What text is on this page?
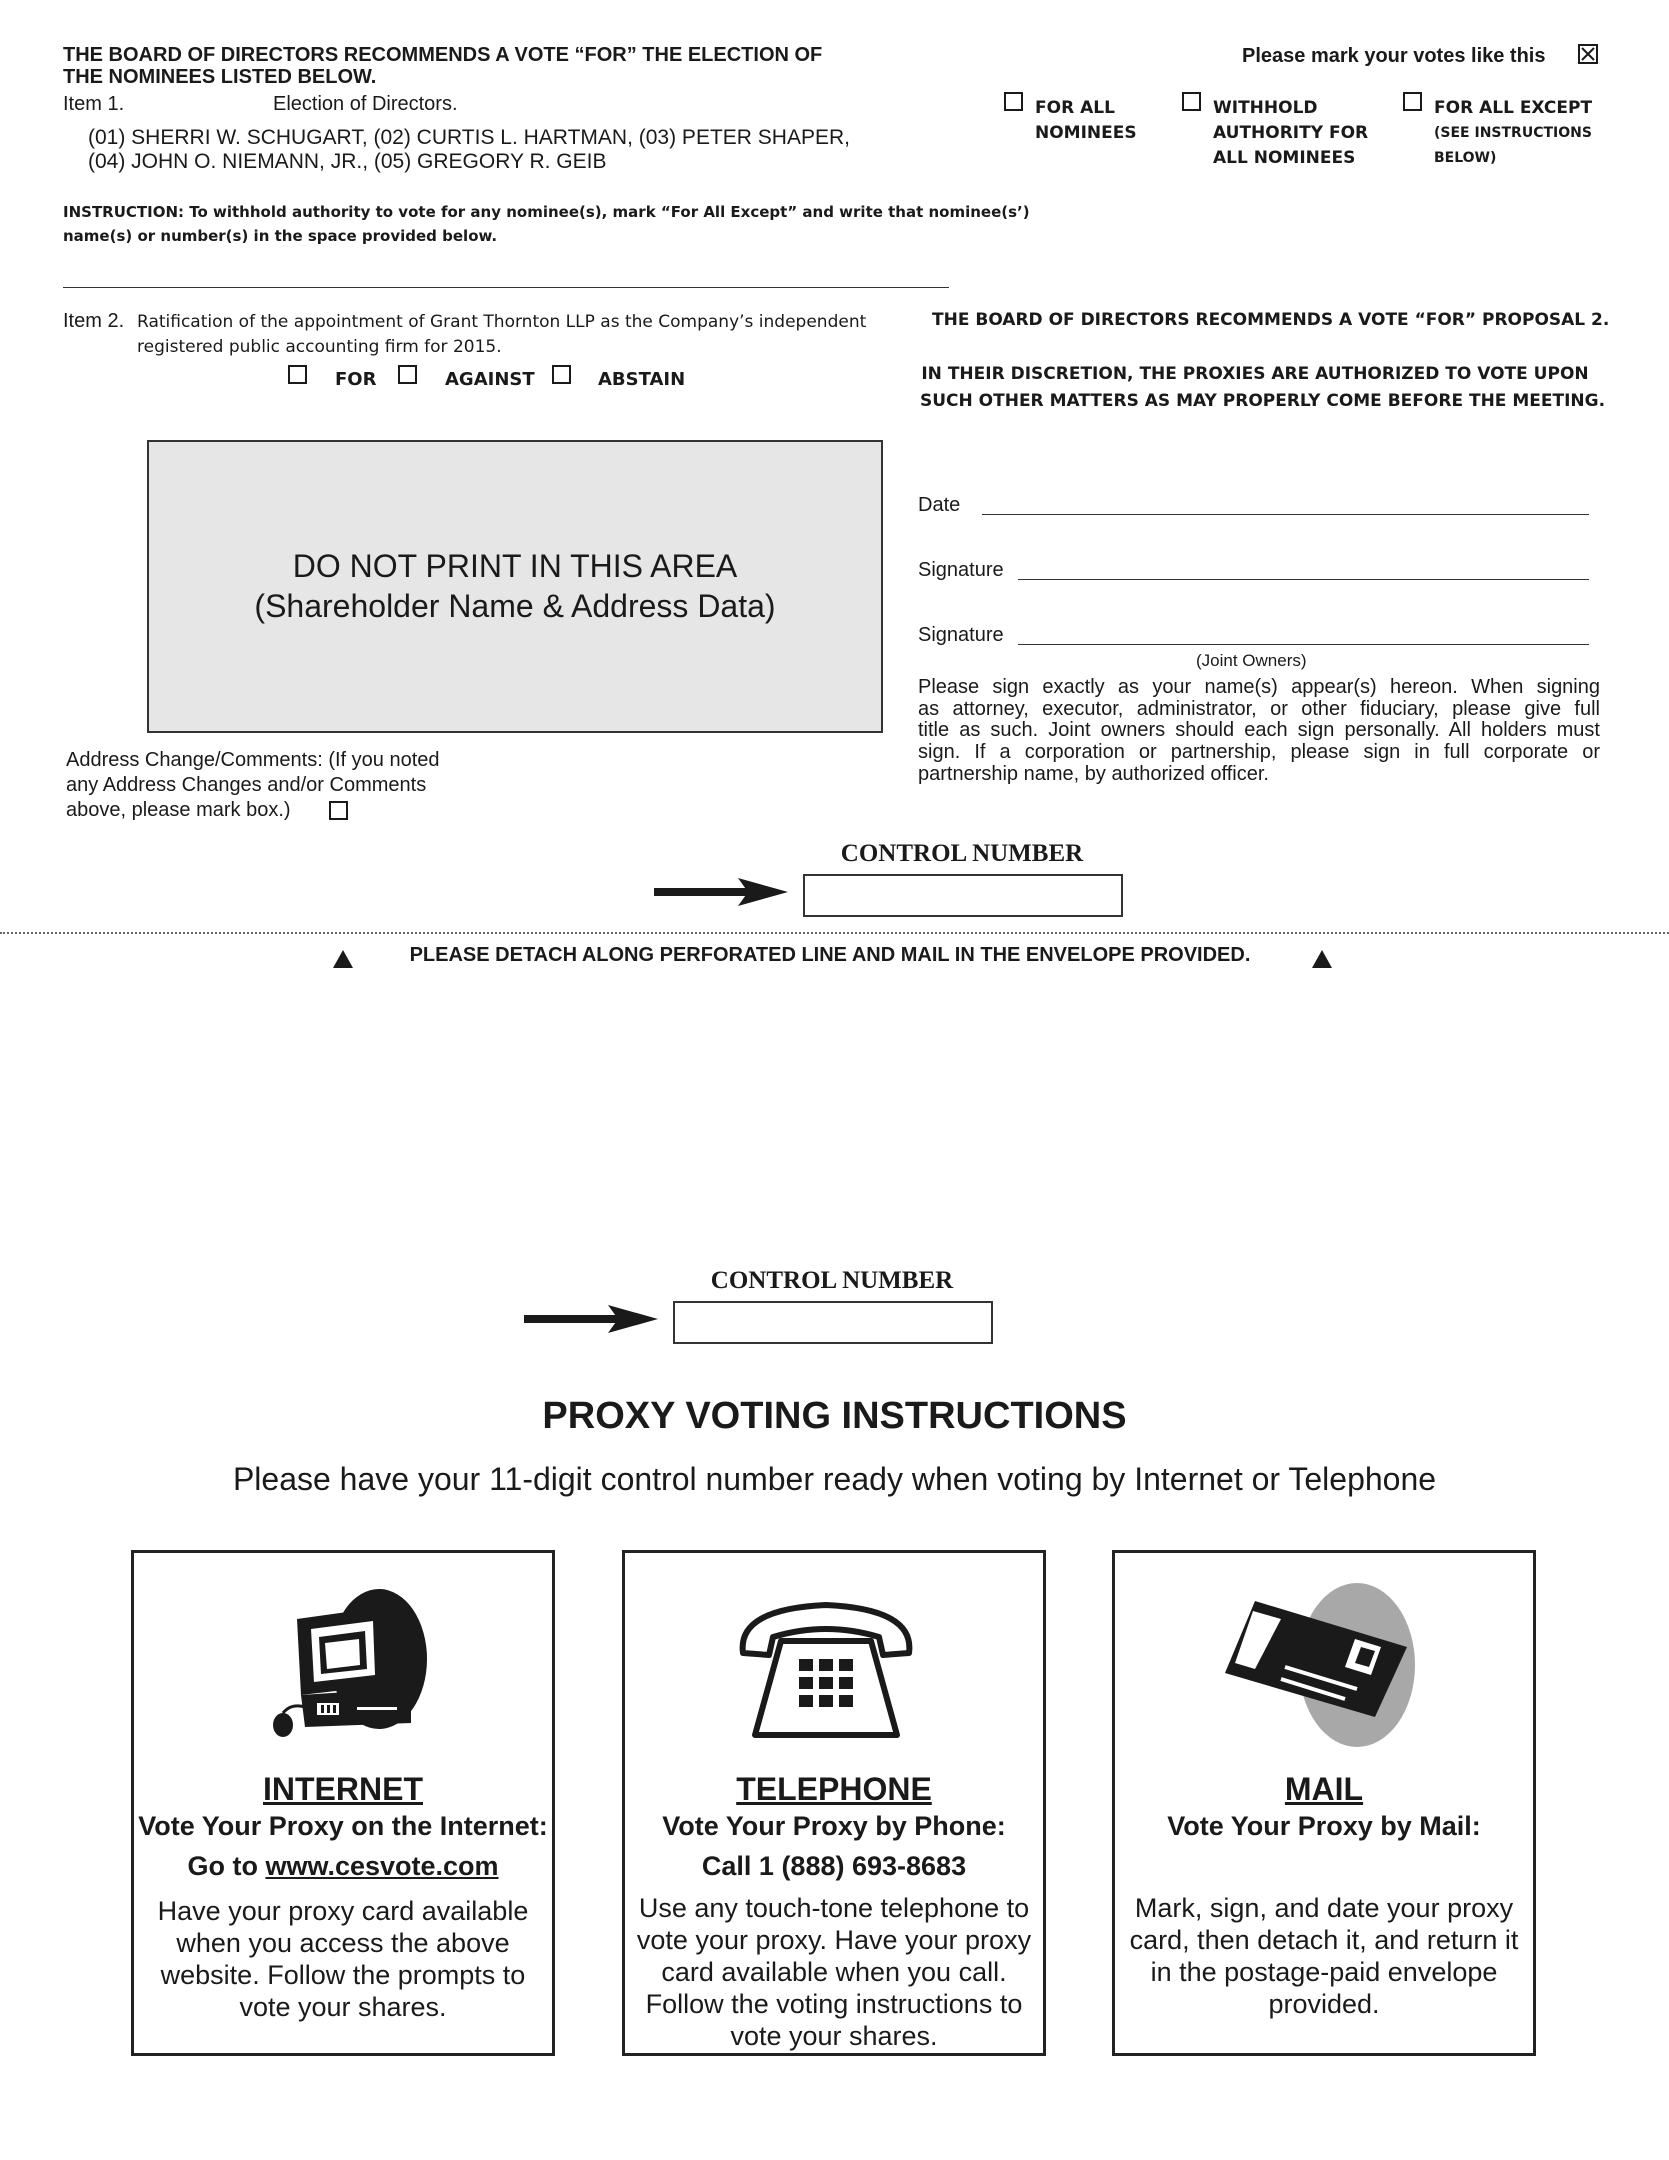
THE BOARD OF DIRECTORS RECOMMENDS A VOTE “FOR” THE ELECTION OF
THE NOMINEES LISTED BELOW.
Please mark your votes like this
Item 1.	Election of Directors.
(01) SHERRI W. SCHUGART, (02) CURTIS L. HARTMAN, (03) PETER SHAPER,
(04) JOHN O. NIEMANN, JR., (05) GREGORY R. GEIB
FOR ALL
NOMINEES
WITHHOLD
AUTHORITY FOR
ALL NOMINEES
FOR ALL EXCEPT
(SEE INSTRUCTIONS
BELOW)
INSTRUCTION: To withhold authority to vote for any nominee(s), mark “For All Except” and write that nominee(s’)
name(s) or number(s) in the space provided below.
Item 2. Ratification of the appointment of Grant Thornton LLP as the Company’s independent
registered public accounting firm for 2015.
FOR	AGAINST	ABSTAIN
THE BOARD OF DIRECTORS RECOMMENDS A VOTE “FOR” PROPOSAL 2.
IN THEIR DISCRETION, THE PROXIES ARE AUTHORIZED TO VOTE UPON
SUCH OTHER MATTERS AS MAY PROPERLY COME BEFORE THE MEETING.
DO NOT PRINT IN THIS AREA
(Shareholder Name & Address Data)
Address Change/Comments: (If you noted
any Address Changes and/or Comments
above, please mark box.)
Date
Signature
Signature
(Joint Owners)
Please sign exactly as your name(s) appear(s) hereon. When signing
as attorney, executor, administrator, or other fiduciary, please give full
title as such. Joint owners should each sign personally. All holders must
sign. If a corporation or partnership, please sign in full corporate or
partnership name, by authorized officer.
CONTROL NUMBER
PLEASE DETACH ALONG PERFORATED LINE AND MAIL IN THE ENVELOPE PROVIDED.
CONTROL NUMBER
PROXY VOTING INSTRUCTIONS
Please have your 11-digit control number ready when voting by Internet or Telephone
INTERNET
Vote Your Proxy on the Internet:
Go to www.cesvote.com
Have your proxy card available
when you access the above
website. Follow the prompts to
vote your shares.
TELEPHONE
Vote Your Proxy by Phone:
Call 1 (888) 693-8683
Use any touch-tone telephone to
vote your proxy. Have your proxy
card available when you call.
Follow the voting instructions to
vote your shares.
MAIL
Vote Your Proxy by Mail:
Mark, sign, and date your proxy
card, then detach it, and return it
in the postage-paid envelope
provided.
